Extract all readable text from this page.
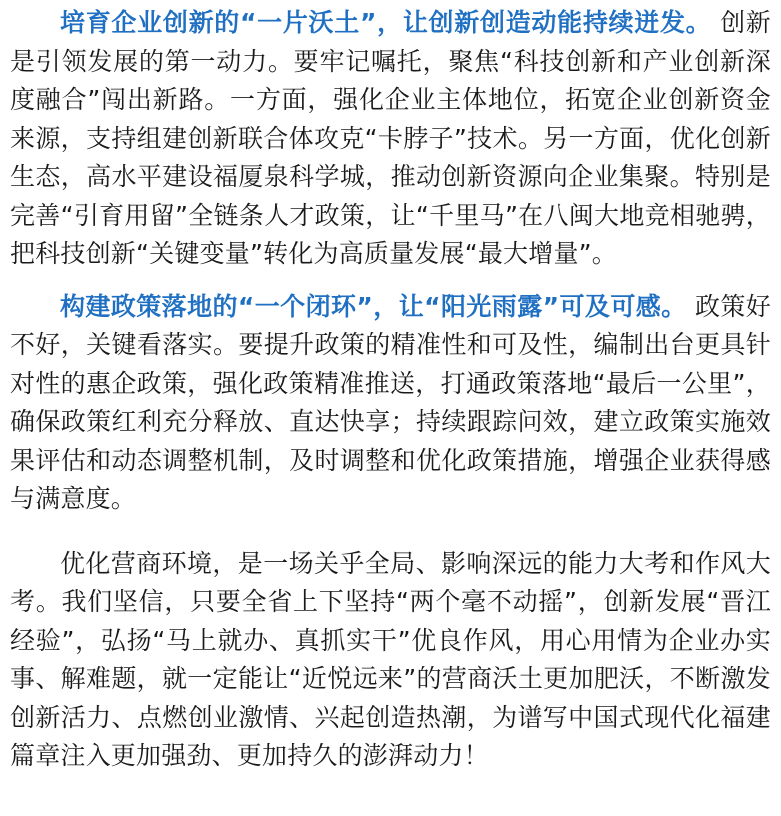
培育企业创新的“一片沃土”，让创新创造动能持续迸发。 创新是引领发展的第一动力。要牢记嘱托，聚焦“科技创新和产业创新深度融合”闯出新路。一方面，强化企业主体地位，拓宽企业创新资金来源，支持组建创新联合体攻克“卡脖子”技术。另一方面，优化创新生态，高水平建设福厦泉科学城，推动创新资源向企业集聚。特别是完善“引育用留”全链条人才政策，让“千里马”在八闽大地竞相驰骋，把科技创新“关键变量”转化为高质量发展“最大增量”。

构建政策落地的“一个闭环”，让“阳光雨露”可及可感。 政策好不好，关键看落实。要提升政策的精准性和可及性，编制出台更具针对性的惠企政策，强化政策精准推送，打通政策落地“最后一公里”，确保政策红利充分释放、直达快享；持续跟踪问效，建立政策实施效果评估和动态调整机制，及时调整和优化政策措施，增强企业获得感与满意度。

优化营商环境，是一场关乎全局、影响深远的能力大考和作风大考。我们坚信，只要全省上下坚持“两个毫不动摇”，创新发展“晋江经验”，弘扬“马上就办、真抓实干”优良作风，用心用情为企业办实事、解难题，就一定能让“近悦远来”的营商沃土更加肥沃，不断激发创新活力、点燃创业激情、兴起创造热潮，为谱写中国式现代化福建篇章注入更加强劲、更加持久的澎湃动力！
